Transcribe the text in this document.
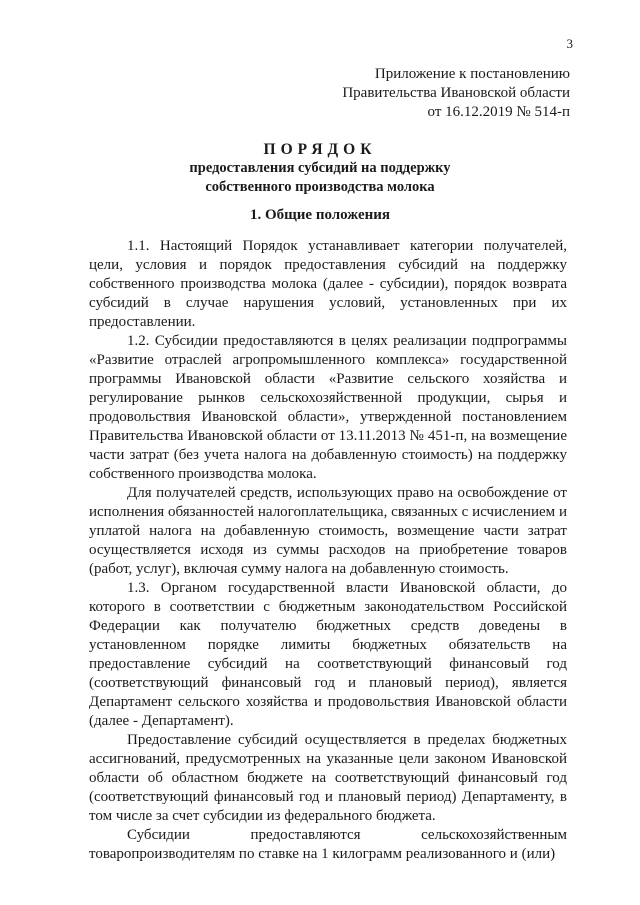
3
Приложение к постановлению
Правительства Ивановской области
от 16.12.2019 № 514-п
ПОРЯДОК
предоставления субсидий на поддержку
собственного производства молока
1. Общие положения

1.1. Настоящий Порядок устанавливает категории получателей, цели, условия и порядок предоставления субсидий на поддержку собственного производства молока (далее - субсидии), порядок возврата субсидий в случае нарушения условий, установленных при их предоставлении.

1.2. Субсидии предоставляются в целях реализации подпрограммы «Развитие отраслей агропромышленного комплекса» государственной программы Ивановской области «Развитие сельского хозяйства и регулирование рынков сельскохозяйственной продукции, сырья и продовольствия Ивановской области», утвержденной постановлением Правительства Ивановской области от 13.11.2013 № 451-п, на возмещение части затрат (без учета налога на добавленную стоимость) на поддержку собственного производства молока.

Для получателей средств, использующих право на освобождение от исполнения обязанностей налогоплательщика, связанных с исчислением и уплатой налога на добавленную стоимость, возмещение части затрат осуществляется исходя из суммы расходов на приобретение товаров (работ, услуг), включая сумму налога на добавленную стоимость.

1.3. Органом государственной власти Ивановской области, до которого в соответствии с бюджетным законодательством Российской Федерации как получателю бюджетных средств доведены в установленном порядке лимиты бюджетных обязательств на предоставление субсидий на соответствующий финансовый год (соответствующий финансовый год и плановый период), является Департамент сельского хозяйства и продовольствия Ивановской области (далее - Департамент).

Предоставление субсидий осуществляется в пределах бюджетных ассигнований, предусмотренных на указанные цели законом Ивановской области об областном бюджете на соответствующий финансовый год (соответствующий финансовый год и плановый период) Департаменту, в том числе за счет субсидии из федерального бюджета.

Субсидии предоставляются сельскохозяйственным товаропроизводителям по ставке на 1 килограмм реализованного и (или)
